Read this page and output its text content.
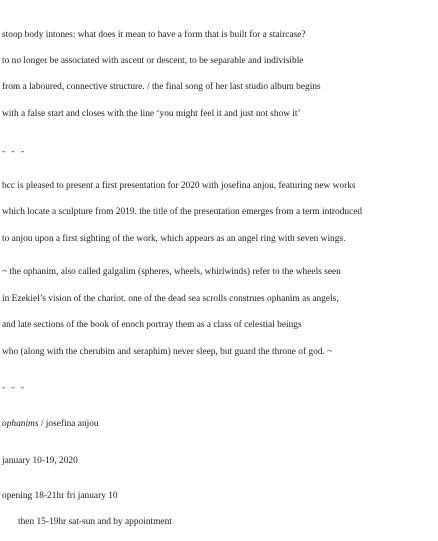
stoop body intones: what does it mean to have a form that is built for a staircase?
to no longer be associated with ascent or descent, to be separable and indivisible
from a laboured, connective structure. / the final song of her last studio album begins
with a false start and closes with the line ‘you might feel it and just not show it’
- - -
bcc is pleased to present a first presentation for 2020 with josefina anjou, featuring new works
which locate a sculpture from 2019. the title of the presentation emerges from a term introduced
to anjou upon a first sighting of the work, which appears as an angel ring with seven wings.
~ the ophanim, also called galgalim (spheres, wheels, whirlwinds) refer to the wheels seen
in Ezekiel’s vision of the chariot. one of the dead sea scrolls construes ophanim as angels,
and late sections of the book of enoch portray them as a class of celestial beings
who (along with the cherubim and seraphim) never sleep, but guard the throne of god. ~
- - -
ophanims / josefina anjou
january 10-19, 2020
opening 18-21hr fri january 10
then 15-19hr sat-sun and by appointment
